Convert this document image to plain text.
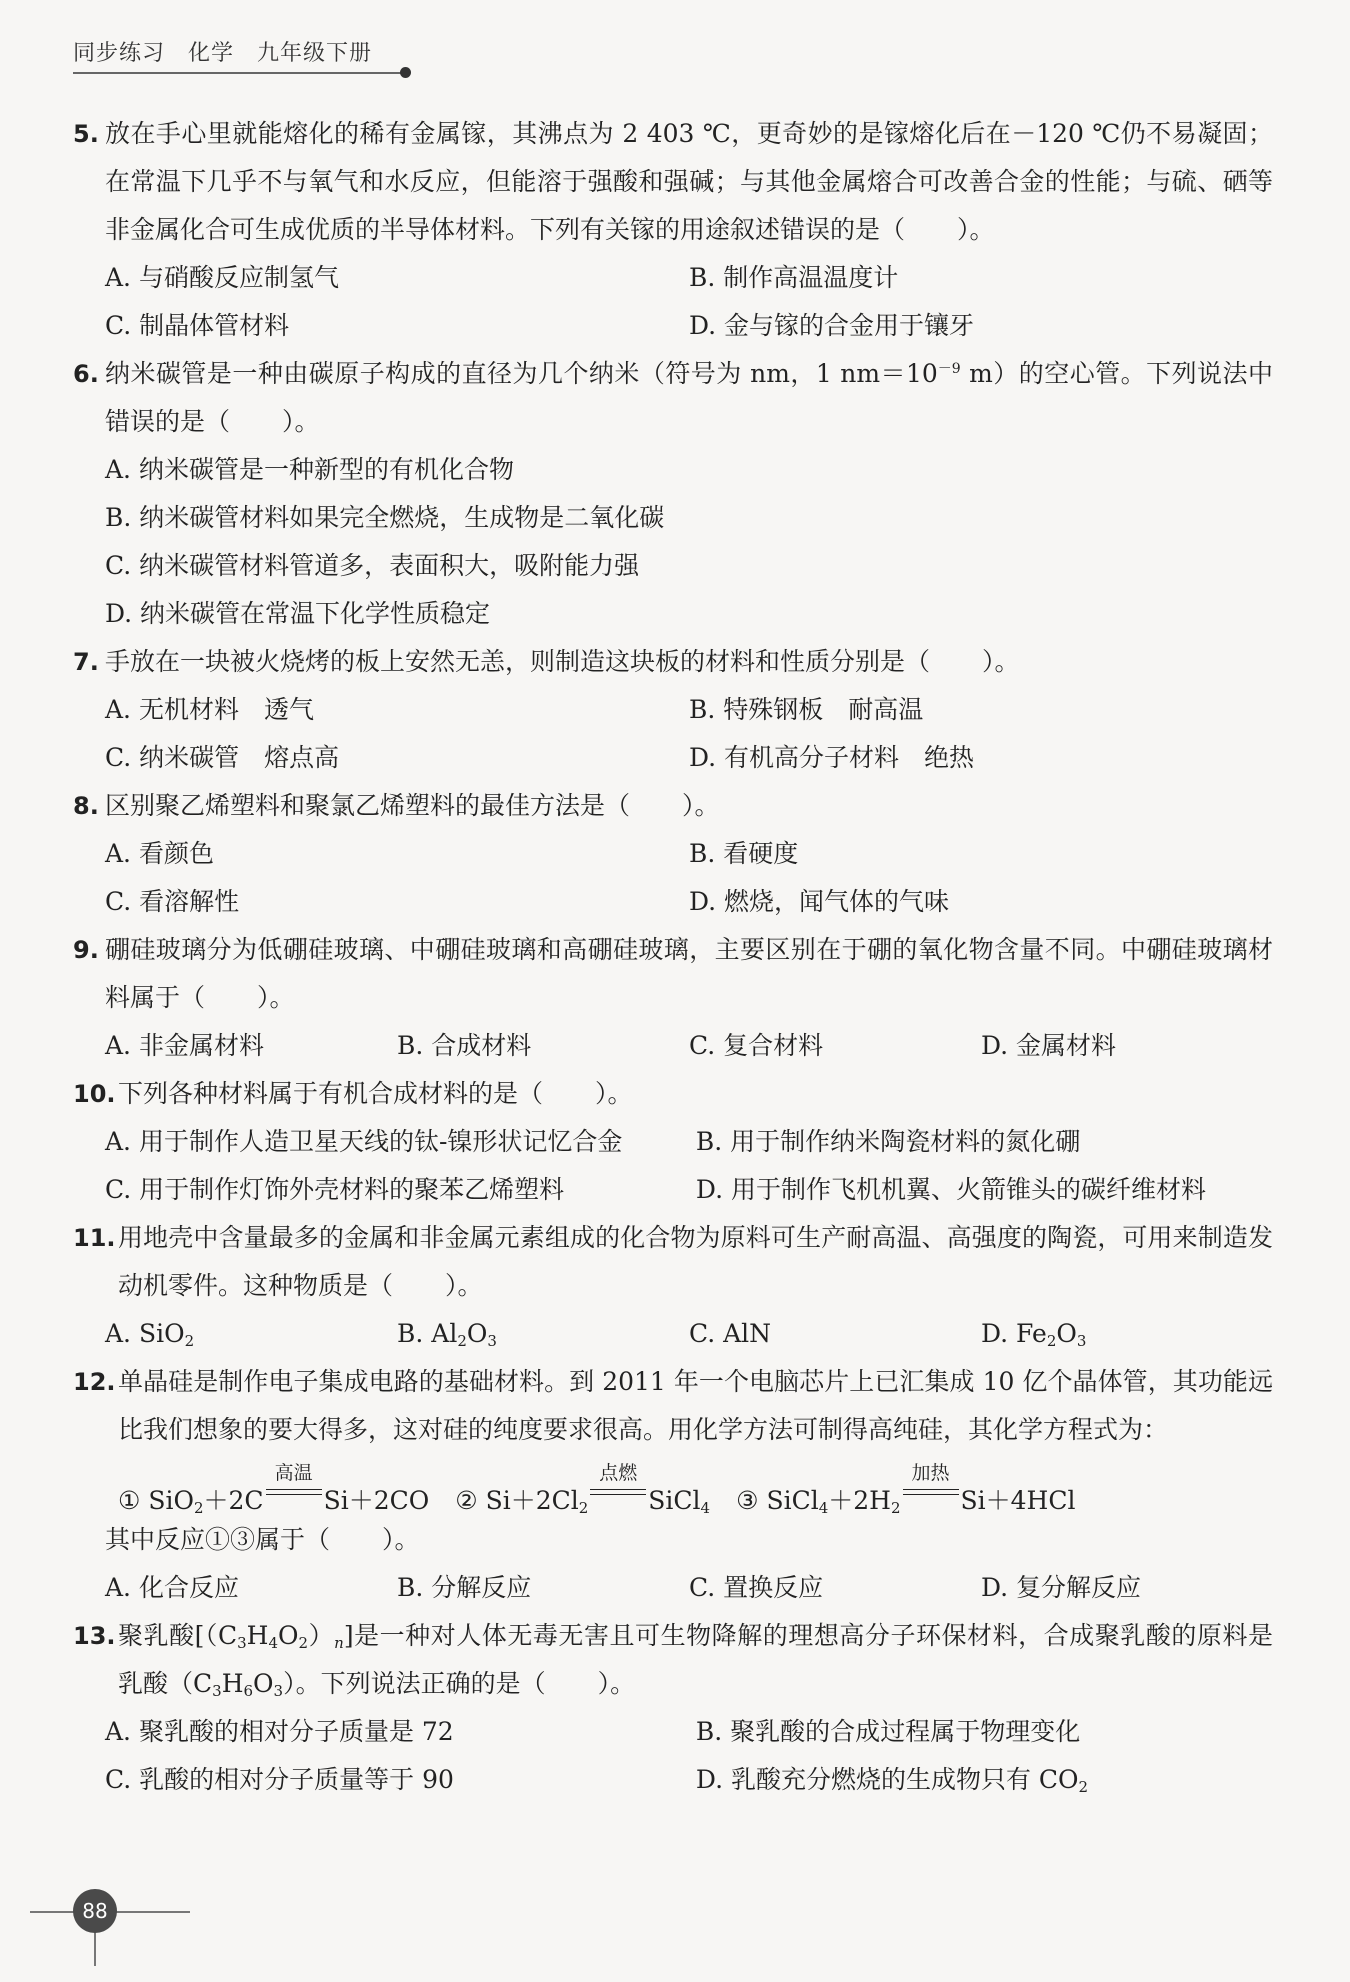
同步练习　化学　九年级下册
5. 放在手心里就能熔化的稀有金属镓，其沸点为 2 403 ℃，更奇妙的是镓熔化后在－120 ℃仍不易凝固；在常温下几乎不与氧气和水反应，但能溶于强酸和强碱；与其他金属熔合可改善合金的性能；与硫、硒等非金属化合可生成优质的半导体材料。下列有关镓的用途叙述错误的是（ ）。
A. 与硝酸反应制氢气	B. 制作高温温度计
C. 制晶体管材料	D. 金与镓的合金用于镶牙
6. 纳米碳管是一种由碳原子构成的直径为几个纳米（符号为 nm，1 $nm=10^{-9}$ m）的空心管。下列说法中错误的是（ ）。
A. 纳米碳管是一种新型的有机化合物
B. 纳米碳管材料如果完全燃烧，生成物是二氧化碳
C. 纳米碳管材料管道多，表面积大，吸附能力强
D. 纳米碳管在常温下化学性质稳定
7. 手放在一块被火烧烤的板上安然无恙，则制造这块板的材料和性质分别是（ ）。
A. 无机材料　透气	B. 特殊钢板　耐高温
C. 纳米碳管　熔点高	D. 有机高分子材料　绝热
8. 区别聚乙烯塑料和聚氯乙烯塑料的最佳方法是（ ）。
A. 看颜色	B. 看硬度
C. 看溶解性	D. 燃烧，闻气体的气味
9. 硼硅玻璃分为低硼硅玻璃、中硼硅玻璃和高硼硅玻璃，主要区别在于硼的氧化物含量不同。中硼硅玻璃材料属于（ ）。
A. 非金属材料	B. 合成材料	C. 复合材料	D. 金属材料
10. 下列各种材料属于有机合成材料的是（ ）。
A. 用于制作人造卫星天线的钛-镍形状记忆合金	B. 用于制作纳米陶瓷材料的氮化硼
C. 用于制作灯饰外壳材料的聚苯乙烯塑料	D. 用于制作飞机机翼、火箭锥头的碳纤维材料
11. 用地壳中含量最多的金属和非金属元素组成的化合物为原料可生产耐高温、高强度的陶瓷，可用来制造发动机零件。这种物质是（ ）。
A. SiO$_2$	B. $Al_2O_3$	C. AlN	D. $Fe_2O_3$
12. 单晶硅是制作电子集成电路的基础材料。到 2011 年一个电脑芯片上已汇集成 10 亿个晶体管，其功能远比我们想象的要大得多，这对硅的纯度要求很高。用化学方法可制得高纯硅，其化学方程式为：
① SiO$_2$＋2C
高温
Si＋2CO ② $Si+2Cl_2$
点燃
SiCl$_4$ ③ $SiCl_4+2H_2$
加热
Si＋4HCl
其中反应①③属于（ ）。
A. 化合反应	B. 分解反应	C. 置换反应	D. 复分解反应
13. 聚乳酸$[(C_3H_4O_2)_n]$是一种对人体无毒无害且可生物降解的理想高分子环保材料，合成聚乳酸的原料是乳酸$(C_3H_6O_3)$。下列说法正确的是（ ）。
A. 聚乳酸的相对分子质量是 72	B. 聚乳酸的合成过程属于物理变化
C. 乳酸的相对分子质量等于 90	D. 乳酸充分燃烧的生成物只有 $CO_2$
88
